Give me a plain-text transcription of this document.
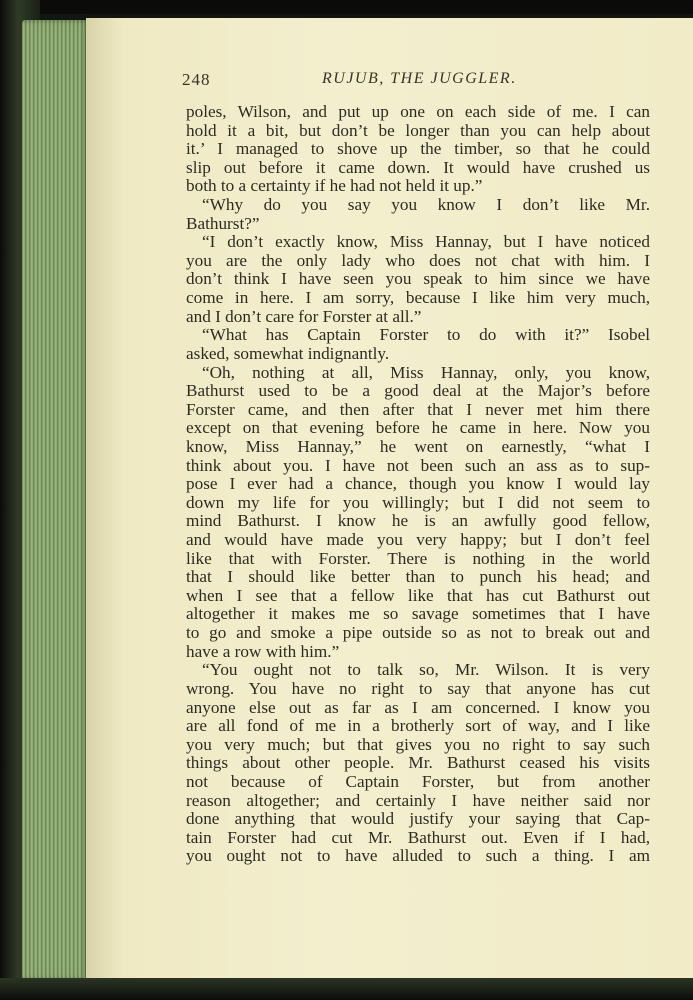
248	RUJUB, THE JUGGLER.
poles, Wilson, and put up one on each side of me. I can
hold it a bit, but don’t be longer than you can help about
it.’ I managed to shove up the timber, so that he could
slip out before it came down. It would have crushed us
both to a certainty if he had not held it up.”
“Why do you say you know I don’t like Mr.
Bathurst?”
“I don’t exactly know, Miss Hannay, but I have noticed
you are the only lady who does not chat with him. I
don’t think I have seen you speak to him since we have
come in here. I am sorry, because I like him very much,
and I don’t care for Forster at all.”
“What has Captain Forster to do with it?” Isobel
asked, somewhat indignantly.
“Oh, nothing at all, Miss Hannay, only, you know,
Bathurst used to be a good deal at the Major’s before
Forster came, and then after that I never met him there
except on that evening before he came in here. Now you
know, Miss Hannay,” he went on earnestly, “what I
think about you. I have not been such an ass as to sup-
pose I ever had a chance, though you know I would lay
down my life for you willingly; but I did not seem to
mind Bathurst. I know he is an awfully good fellow,
and would have made you very happy; but I don’t feel
like that with Forster. There is nothing in the world
that I should like better than to punch his head; and
when I see that a fellow like that has cut Bathurst out
altogether it makes me so savage sometimes that I have
to go and smoke a pipe outside so as not to break out and
have a row with him.”
“You ought not to talk so, Mr. Wilson. It is very
wrong. You have no right to say that anyone has cut
anyone else out as far as I am concerned. I know you
are all fond of me in a brotherly sort of way, and I like
you very much; but that gives you no right to say such
things about other people. Mr. Bathurst ceased his visits
not because of Captain Forster, but from another
reason altogether; and certainly I have neither said nor
done anything that would justify your saying that Cap-
tain Forster had cut Mr. Bathurst out. Even if I had,
you ought not to have alluded to such a thing. I am
